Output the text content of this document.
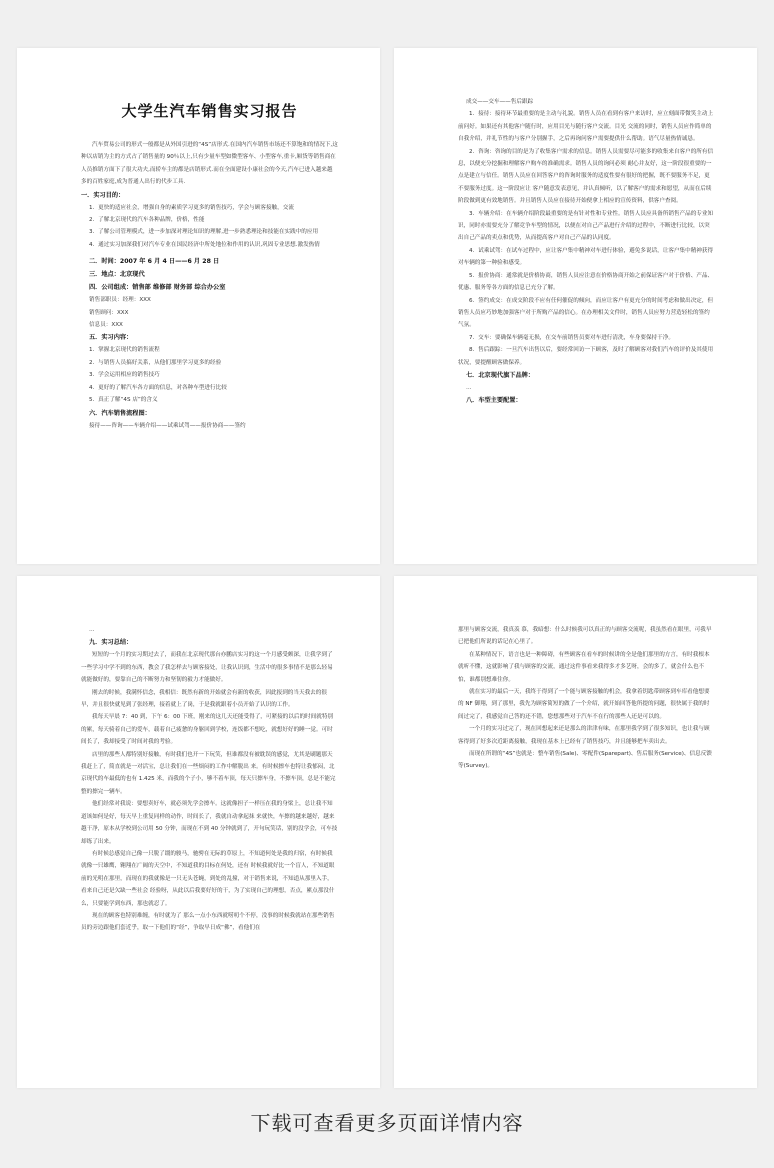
大学生汽车销售实习报告

汽车贸易公司的形式一般都是从外国引进的“4S”店形式.在国内汽车销售市场还不算饱和的情况下,这种以店销为主的方式占了销售量的 90％以上,只有少量车型如微型客车、小型客车,重卡,厢货等销售商在人员推销方面下了很大功夫,而轿车主的都是店销形式.而在全面建设小康社会的今天,汽车已进入越来越多的百姓家庭,成为普通人出行的代步工具.

一．实习目的：

1．更快的适应社会，增强自身的素质学习更多的销售技巧，学会与顾客接触，交流

2．了解北京现代的汽车各种品牌，价格，性能

3．了解公司管理模式，进一步加深对理论知识的理解,进一步熟悉理论和技能在实践中的应用

4．通过实习加深我们对汽车专业在国民经济中所处地位和作用的认识,巩固专业思想.激发热情

二．时间：2007 年 6 月 4 日——6 月 28 日

三．地点：北京现代

四．公司组成：销售部 维修部 财务部 综合办公室

销售部职员：经理：XXX

销售顾问：XXX

信息员：XXX

五．实习内容：

1．掌握北京现代的销售流程

2．与销售人员搞好关系，从他们那里学习更多的经验

3．学会运用相应的销售技巧

4．更好的了解汽车各方面的信息，对各种车型进行比较

5．真正了解“4S 店”的含义

六．汽车销售流程图：

接待——咨询——车辆介绍——试乘试驾——报价协商——签约

成交——交车——售后跟踪

1．接待：接待环节最重要的是主动与礼貌。销售人员在看到有客户来访时，应立刻面带微笑主动上前问好。如果还有其他客户随行时，应用目光与随行客户交流。目光 交流的同时，销售人员应作简单的自我介绍，并礼节性的与客户分别握手，之后再询问客户需要提供什么帮助。语气尽量热情诚恳。

2．咨询：咨询的目的是为了收集客户需求的信息。销售人员需要尽可能多的收集来自客户的所有信息，以便充分挖掘和理解客户购车的准确需求。销售人员的询问必须 耐心并友好，这一阶段很重要的一点是建立与信任。销售人员应在回答客户的咨询时服务的适度性要有很好的把握，既不要服务不足，更不要服务过度。这一阶段应让 客户随意发表意见，并认真倾听，以了解客户的需求和愿望，从而在后续阶段做到更有效地销售。并且销售人员应在接待开始便拿上相应的宣传资料，供客户查阅。

3．车辆介绍：在车辆介绍阶段最重要的是有针对性和专业性。销售人员应具备所销售产品的专业知识，同时亦需要充分了解竞争车型的情况，以便在对自己产品进行介绍的过程中，不断进行比较，以突出自己产品的卖点和优势，从而提高客户对自己产品的认同度。

4．试乘试驾：在试车过程中，应让客户集中精神对车进行体验，避免多说话，让客户集中精神获得对车辆的第一种验和感受。

5．报价协商：通常就是价格协商，销售人员应注意在价格协商开始之前保证客户对于价格、产品、优惠、服务等各方面的信息已充分了解。

6．签约成交：在成交阶段不应有任何催促的倾向，而应让客户有更充分的时间考虑和做出决定，但销售人员应巧妙地加强客户对于所购产品的信心。在办理相关文件时，销售人员应努力营造轻松的签约气氛。

7．交车：要确保车辆毫无损，在交车前销售员要对车进行清洗，车身要保持干净。

8．售后跟踪：一旦汽车出售以后，要经常回访一下顾客，及时了解顾客对我们汽车的评价及其使用状况，要提醒顾客做保养。

七．北京现代旗下品牌：

…

八．车型主要配置：

…

九．实习总结：

短短的一个月的实习期过去了，而我在北京现代那台亦鹏店实习的这一个月感受颇深，让我学到了一些学习中学不到的东西，教会了我怎样去与顾客接处，让我认识到，生活中的很多事情不是那么轻易就能做好的，要靠自己的不断努力和坚韧的毅力才能做好。

刚去的时候，我满怀信念，我相信：既然有新的开始就会有新的收获，因此报到的当天我去的很早，并且很快就见到了张经理，接着就上了岗，于是我就跟着小员开始了认识的工作。

我每天早晨 7：40 到，下午 6：00 下班，刚来的这几天还能受得了，可紧接的以后的时间就特别的累，每天骑着自己的爱车，载着自己疲惫的身躯回到学校，连饭都不想吃，就想好好的睡一觉。可时间长了，我却接受了时间对我的考验。

店里的那些人都特别好接触，有时我们也开一下玩笑，但谁都没有被耽误的感觉，尤其是刷题那天我赶上了，简直就是一对活宝，总让我们在一些烦闷的工作中解脱出 来。有时候擦车也特让我郁闷，北京现代的车最低的也有 1.425 米，而我的个子小，够不着车顶，每天只擦车身，不擦车顶，总是不能完整的擦完一辆车。

他们经常对我说：要想卖好车，就必须先学会擦车。这就像担子一样压在我的身梁上，总让我不知道该如何是好，每天早上重复同样的动作，时间长了，我就自动拿起抹 来就快，车擦的越来越好，越来越干净，原本从学校到公司用 50 分钟，而现在不到 40 分钟就到了，开句玩笑话，别的没学会，可车技却练了出来。

有时候总感觉自己像一只脱了缰的骏马，驰骋在无际的草原上，不知道何处是我的归宿，有时候我就像一只雄鹰，翱翔在广阔的天空中，不知道我的目标在何处，还有 时候我就好比一个盲人，不知道眼前的光明在那里，而现在的我就像是一只无头苍蝇，到处的乱撞，对于销售来说，不知道从那里入手，看来自己还是欠缺一些社会 经验呀，从此以后我要好好的干，为了实现自己的理想，否点，累点那没什么，只要能学到东西，那也就忍了。

现在的顾客也特别难缠，有时就为了 那么一点小东西就唠叨个不停，没事的时候我就站在那些销售员的旁边跟他们套近乎，取一下他们的“经”，争取早日成“佛”，看他们在

那里与顾客交流，我真羡 慕，我暗想：什么时候我可以真正的与顾客交流呢，我虽然看在眼里，可我早已把他们所说的话记在心里了。

在某种情况下，语言也是一种障碍，有些顾客在看车的时候讲的全是他们那里的方言，有时我根本就听不懂，这就影响了我与顾客的交流，通过这件事看来我得多才多艺呀，会的多了，就会什么也不怕，谁都别想难住你。

就在实习的最后一天，我终于得到了一个能与顾客接触的机会，我拿着钥匙带顾客到车库看他想要的 NF 御翔，到了那里，我先为顾客简短的做了一个介绍，就开始回答他所提的问题，很快属于我的时间过完了，我感觉自己答的还不错，您想那些对于汽车不在行的那些人还是可以的。

一个月的实习过完了，现在回想起来还是那么的津津有味，在那里我学到了很多知识，也让我与顾客得到了好多次近距离接触，我现在基本上已经有了销售技巧，并且能够把车卖出去。

而现在所谓的“4S”也就是：整车销售(Sale)、零配件(Sparepart)、售后服务(Service)、信息反馈等(Survey)。

下载可查看更多页面详情内容
